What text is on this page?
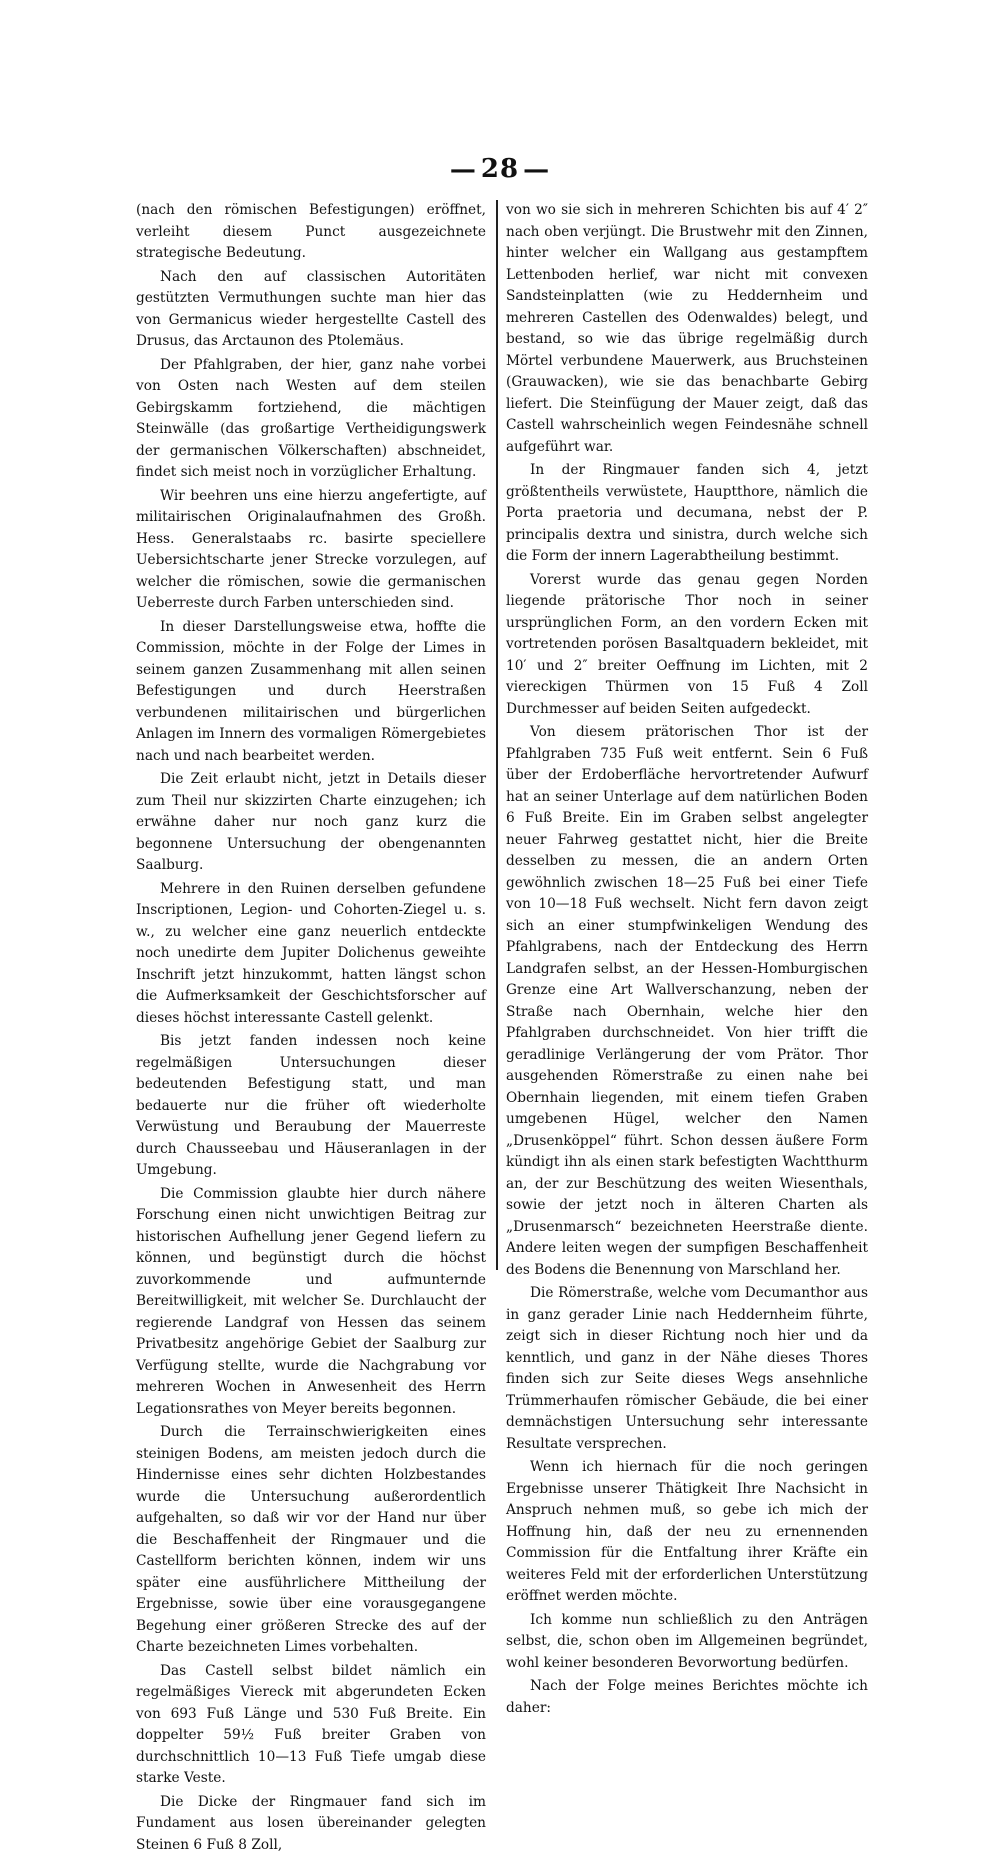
— 28 —

(nach den römischen Befestigungen) eröffnet, verleiht diesem Punct ausgezeichnete strategische Bedeutung.

Nach den auf classischen Autoritäten gestützten Vermuthungen suchte man hier das von Germanicus wieder hergestellte Castell des Drusus, das Arctaunon des Ptolemäus.

Der Pfahlgraben, der hier, ganz nahe vorbei von Osten nach Westen auf dem steilen Gebirgskamm fortziehend, die mächtigen Steinwälle (das großartige Vertheidigungswerk der germanischen Völkerschaften) abschneidet, findet sich meist noch in vorzüglicher Erhaltung.

Wir beehren uns eine hierzu angefertigte, auf militairischen Originalaufnahmen des Großh. Hess. Generalstaabs rc. basirte speciellere Uebersichtscharte jener Strecke vorzulegen, auf welcher die römischen, sowie die germanischen Ueberreste durch Farben unterschieden sind.

In dieser Darstellungsweise etwa, hoffte die Commission, möchte in der Folge der Limes in seinem ganzen Zusammenhang mit allen seinen Befestigungen und durch Heerstraßen verbundenen militairischen und bürgerlichen Anlagen im Innern des vormaligen Römergebietes nach und nach bearbeitet werden.

Die Zeit erlaubt nicht, jetzt in Details dieser zum Theil nur skizzirten Charte einzugehen; ich erwähne daher nur noch ganz kurz die begonnene Untersuchung der obengenannten Saalburg.

Mehrere in den Ruinen derselben gefundene Inscriptionen, Legion- und Cohorten-Ziegel u. s. w., zu welcher eine ganz neuerlich entdeckte noch unedirte dem Jupiter Dolichenus geweihte Inschrift jetzt hinzukommt, hatten längst schon die Aufmerksamkeit der Geschichtsforscher auf dieses höchst interessante Castell gelenkt.

Bis jetzt fanden indessen noch keine regelmäßigen Untersuchungen dieser bedeutenden Befestigung statt, und man bedauerte nur die früher oft wiederholte Verwüstung und Beraubung der Mauerreste durch Chausseebau und Häuseranlagen in der Umgebung.

Die Commission glaubte hier durch nähere Forschung einen nicht unwichtigen Beitrag zur historischen Aufhellung jener Gegend liefern zu können, und begünstigt durch die höchst zuvorkommende und aufmunternde Bereitwilligkeit, mit welcher Se. Durchlaucht der regierende Landgraf von Hessen das seinem Privatbesitz angehörige Gebiet der Saalburg zur Verfügung stellte, wurde die Nachgrabung vor mehreren Wochen in Anwesenheit des Herrn Legationsrathes von Meyer bereits begonnen.

Durch die Terrainschwierigkeiten eines steinigen Bodens, am meisten jedoch durch die Hindernisse eines sehr dichten Holzbestandes wurde die Untersuchung außerordentlich aufgehalten, so daß wir vor der Hand nur über die Beschaffenheit der Ringmauer und die Castellform berichten können, indem wir uns später eine ausführlichere Mittheilung der Ergebnisse, sowie über eine vorausgegangene Begehung einer größeren Strecke des auf der Charte bezeichneten Limes vorbehalten.

Das Castell selbst bildet nämlich ein regelmäßiges Viereck mit abgerundeten Ecken von 693 Fuß Länge und 530 Fuß Breite. Ein doppelter 59½ Fuß breiter Graben von durchschnittlich 10—13 Fuß Tiefe umgab diese starke Veste.

Die Dicke der Ringmauer fand sich im Fundament aus losen übereinander gelegten Steinen 6 Fuß 8 Zoll,

von wo sie sich in mehreren Schichten bis auf 4′ 2″ nach oben verjüngt. Die Brustwehr mit den Zinnen, hinter welcher ein Wallgang aus gestampftem Lettenboden herlief, war nicht mit convexen Sandsteinplatten (wie zu Heddernheim und mehreren Castellen des Odenwaldes) belegt, und bestand, so wie das übrige regelmäßig durch Mörtel verbundene Mauerwerk, aus Bruchsteinen (Grauwacken), wie sie das benachbarte Gebirg liefert. Die Steinfügung der Mauer zeigt, daß das Castell wahrscheinlich wegen Feindesnähe schnell aufgeführt war.

In der Ringmauer fanden sich 4, jetzt größtentheils verwüstete, Hauptthore, nämlich die Porta praetoria und decumana, nebst der P. principalis dextra und sinistra, durch welche sich die Form der innern Lagerabtheilung bestimmt.

Vorerst wurde das genau gegen Norden liegende prätorische Thor noch in seiner ursprünglichen Form, an den vordern Ecken mit vortretenden porösen Basaltquadern bekleidet, mit 10′ und 2″ breiter Oeffnung im Lichten, mit 2 viereckigen Thürmen von 15 Fuß 4 Zoll Durchmesser auf beiden Seiten aufgedeckt.

Von diesem prätorischen Thor ist der Pfahlgraben 735 Fuß weit entfernt. Sein 6 Fuß über der Erdoberfläche hervortretender Aufwurf hat an seiner Unterlage auf dem natürlichen Boden 6 Fuß Breite. Ein im Graben selbst angelegter neuer Fahrweg gestattet nicht, hier die Breite desselben zu messen, die an andern Orten gewöhnlich zwischen 18—25 Fuß bei einer Tiefe von 10—18 Fuß wechselt. Nicht fern davon zeigt sich an einer stumpfwinkeligen Wendung des Pfahlgrabens, nach der Entdeckung des Herrn Landgrafen selbst, an der Hessen-Homburgischen Grenze eine Art Wallverschanzung, neben der Straße nach Obernhain, welche hier den Pfahlgraben durchschneidet. Von hier trifft die geradlinige Verlängerung der vom Prätor. Thor ausgehenden Römerstraße zu einen nahe bei Obernhain liegenden, mit einem tiefen Graben umgebenen Hügel, welcher den Namen „Drusenköppel“ führt. Schon dessen äußere Form kündigt ihn als einen stark befestigten Wachtthurm an, der zur Beschützung des weiten Wiesenthals, sowie der jetzt noch in älteren Charten als „Drusenmarsch“ bezeichneten Heerstraße diente. Andere leiten wegen der sumpfigen Beschaffenheit des Bodens die Benennung von Marschland her.

Die Römerstraße, welche vom Decumanthor aus in ganz gerader Linie nach Heddernheim führte, zeigt sich in dieser Richtung noch hier und da kenntlich, und ganz in der Nähe dieses Thores finden sich zur Seite dieses Wegs ansehnliche Trümmerhaufen römischer Gebäude, die bei einer demnächstigen Untersuchung sehr interessante Resultate versprechen.

Wenn ich hiernach für die noch geringen Ergebnisse unserer Thätigkeit Ihre Nachsicht in Anspruch nehmen muß, so gebe ich mich der Hoffnung hin, daß der neu zu ernennenden Commission für die Entfaltung ihrer Kräfte ein weiteres Feld mit der erforderlichen Unterstützung eröffnet werden möchte.

Ich komme nun schließlich zu den Anträgen selbst, die, schon oben im Allgemeinen begründet, wohl keiner besonderen Bevorwortung bedürfen.

Nach der Folge meines Berichtes möchte ich daher:
